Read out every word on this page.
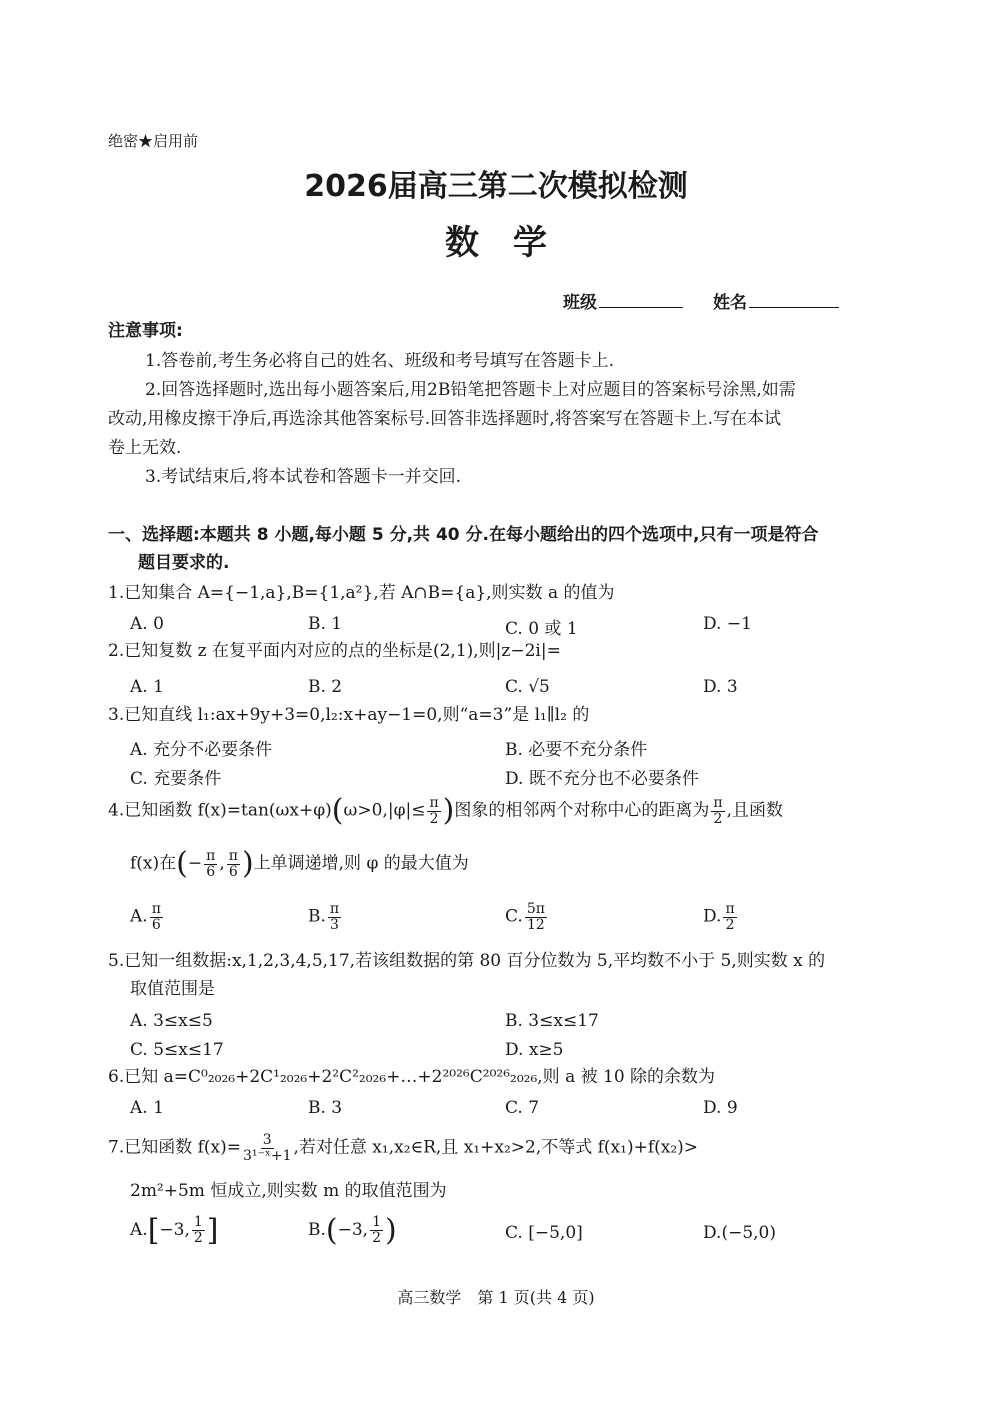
绝密★启用前
2026届高三第二次模拟检测
数　学
班级	姓名
注意事项:
1.答卷前,考生务必将自己的姓名、班级和考号填写在答题卡上.
2.回答选择题时,选出每小题答案后,用2B铅笔把答题卡上对应题目的答案标号涂黑,如需
改动,用橡皮擦干净后,再选涂其他答案标号.回答非选择题时,将答案写在答题卡上.写在本试
卷上无效.
3.考试结束后,将本试卷和答题卡一并交回.
一、选择题:本题共 8 小题,每小题 5 分,共 40 分.在每小题给出的四个选项中,只有一项是符合
题目要求的.
1.已知集合 A={−1,a},B={1,a²},若 A∩B={a},则实数 a 的值为
A. 0	B. 1	C. 0 或 1	D. −1
2.已知复数 z 在复平面内对应的点的坐标是(2,1),则|z−2i|=
A. 1	B. 2	C. √5	D. 3
3.已知直线 l₁:ax+9y+3=0,l₂:x+ay−1=0,则“a=3”是 l₁∥l₂ 的
A. 充分不必要条件	B. 必要不充分条件
C. 充要条件	D. 既不充分也不必要条件
4.已知函数 $f(x)=\tan(\omega x+\varphi)(\omega>0,|\varphi|\le \frac{\pi}{2}$ )图象的相邻两个对称中心的距离为 $\frac{\pi}{2}$ ,且函数
f(x)在(− $\frac{\pi}{6}$ , $\frac{\pi}{6}$ )上单调递增,则 φ 的最大值为
A. $\frac{\pi}{6}$	B. $\frac{\pi}{3}$	C. $\frac{5\pi}{12}$	D. $\frac{\pi}{2}$
5.已知一组数据:x,1,2,3,4,5,17,若该组数据的第 80 百分位数为 5,平均数不小于 5,则实数 x 的
取值范围是
A. 3≤x≤5	B. 3≤x≤17
C. 5≤x≤17	D. x≥5
6.已知 a=C⁰₂₀₂₆+2C¹₂₀₂₆+2²C²₂₀₂₆+…+2²⁰²⁶C²⁰²⁶₂₀₂₆,则 a 被 10 除的余数为
A. 1	B. 3	C. 7	D. 9
7.已知函数 $f(x)= \frac{3}{\text{3¹⁻ˣ+1}}$ ,若对任意 x₁,x₂∈R,且 x₁+x₂>2,不等式 f(x₁)+f(x₂)>
2m²+5m 恒成立,则实数 m 的取值范围为
A.[−3, $\frac{1}{2}$ ]	B.(−3, $\frac{1}{2}$ )	C. [−5,0]	D.(−5,0)
高三数学　第 1 页(共 4 页)
